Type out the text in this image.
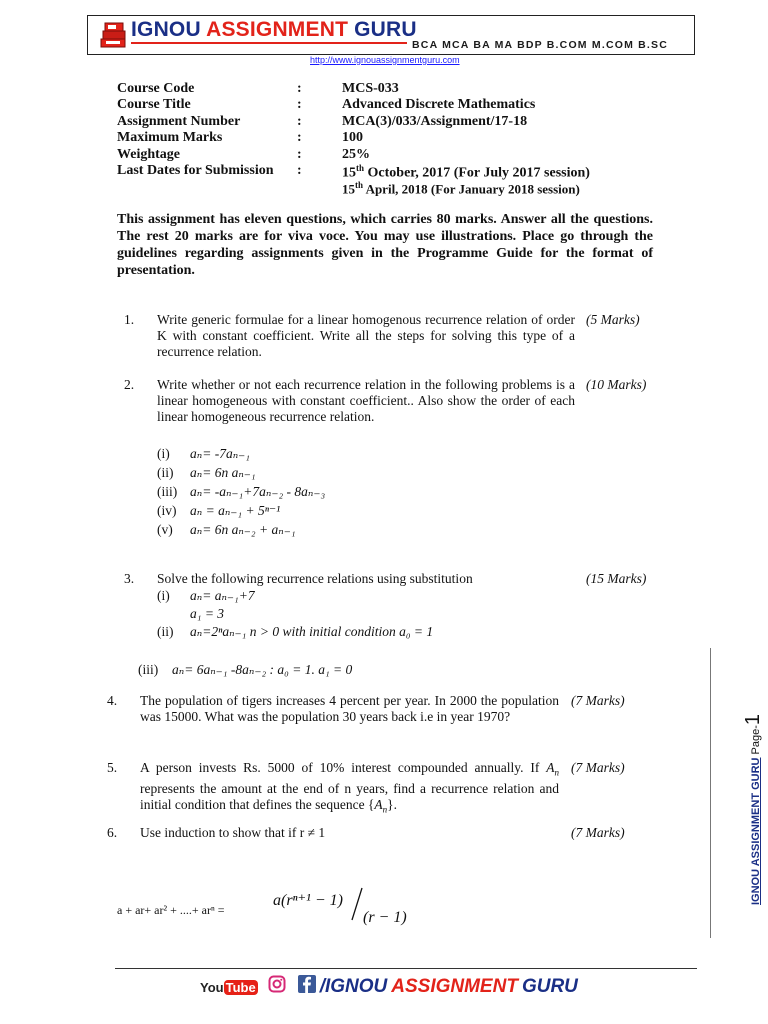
IGNOU ASSIGNMENT GURU
BCA MCA BA MA BDP B.COM M.COM B.SC
http://www.ignouassignmentguru.com
Course Code	:	MCS-033
Course Title	:	Advanced Discrete Mathematics
Assignment Number	:	MCA(3)/033/Assignment/17-18
Maximum Marks	:	100
Weightage	:	25%
Last Dates for Submission :	15th October, 2017 (For July 2017 session)
15th April, 2018 (For January 2018 session)
This assignment has eleven questions, which carries 80 marks. Answer all the questions. The rest 20 marks are for viva voce. You may use illustrations. Place go through the guidelines regarding assignments given in the Programme Guide for the format of presentation.
1. Write generic formulae for a linear homogenous recurrence relation of order K with constant coefficient. Write all the steps for solving this type of a recurrence relation.
(5 Marks)
2. Write whether or not each recurrence relation in the following problems is a linear homogeneous with constant coefficient.. Also show the order of each linear homogeneous recurrence relation.
(10 Marks)
(i) aₙ= -7aₙ₋₁
(ii) aₙ= 6n aₙ₋₁
(iii) aₙ= -aₙ₋₁+7aₙ₋₂ - 8aₙ₋₃
(iv) aₙ = aₙ₋₁ + 5ⁿ⁻¹
(v) aₙ= 6n aₙ₋₂ + aₙ₋₁
3. Solve the following recurrence relations using substitution	(15 Marks)
(i) aₙ= aₙ₋₁+7
a₁ = 3
(ii) aₙ=2ⁿaₙ₋₁ n > 0 with initial condition a₀ = 1
(iii) aₙ= 6aₙ₋₁ -8aₙ₋₂ : a₀ = 1. a₁ = 0
4. The population of tigers increases 4 percent per year. In 2000 the population was 15000. What was the population 30 years back i.e in year 1970?
(7 Marks)
5. A person invests Rs. 5000 of 10% interest compounded annually. If $A_n$ represents the amount at the end of n years, find a recurrence relation and initial condition that defines the sequence $\{A_n\}$.
(7 Marks)
6. Use induction to show that if r ≠ 1	(7 Marks)
a + ar+ ar² + ....+ arⁿ =
a(rⁿ⁺¹ − 1)
(r − 1)
IGNOU ASSIGNMENT GURU Page-1
You Tube	/IGNOU ASSIGNMENT GURU
